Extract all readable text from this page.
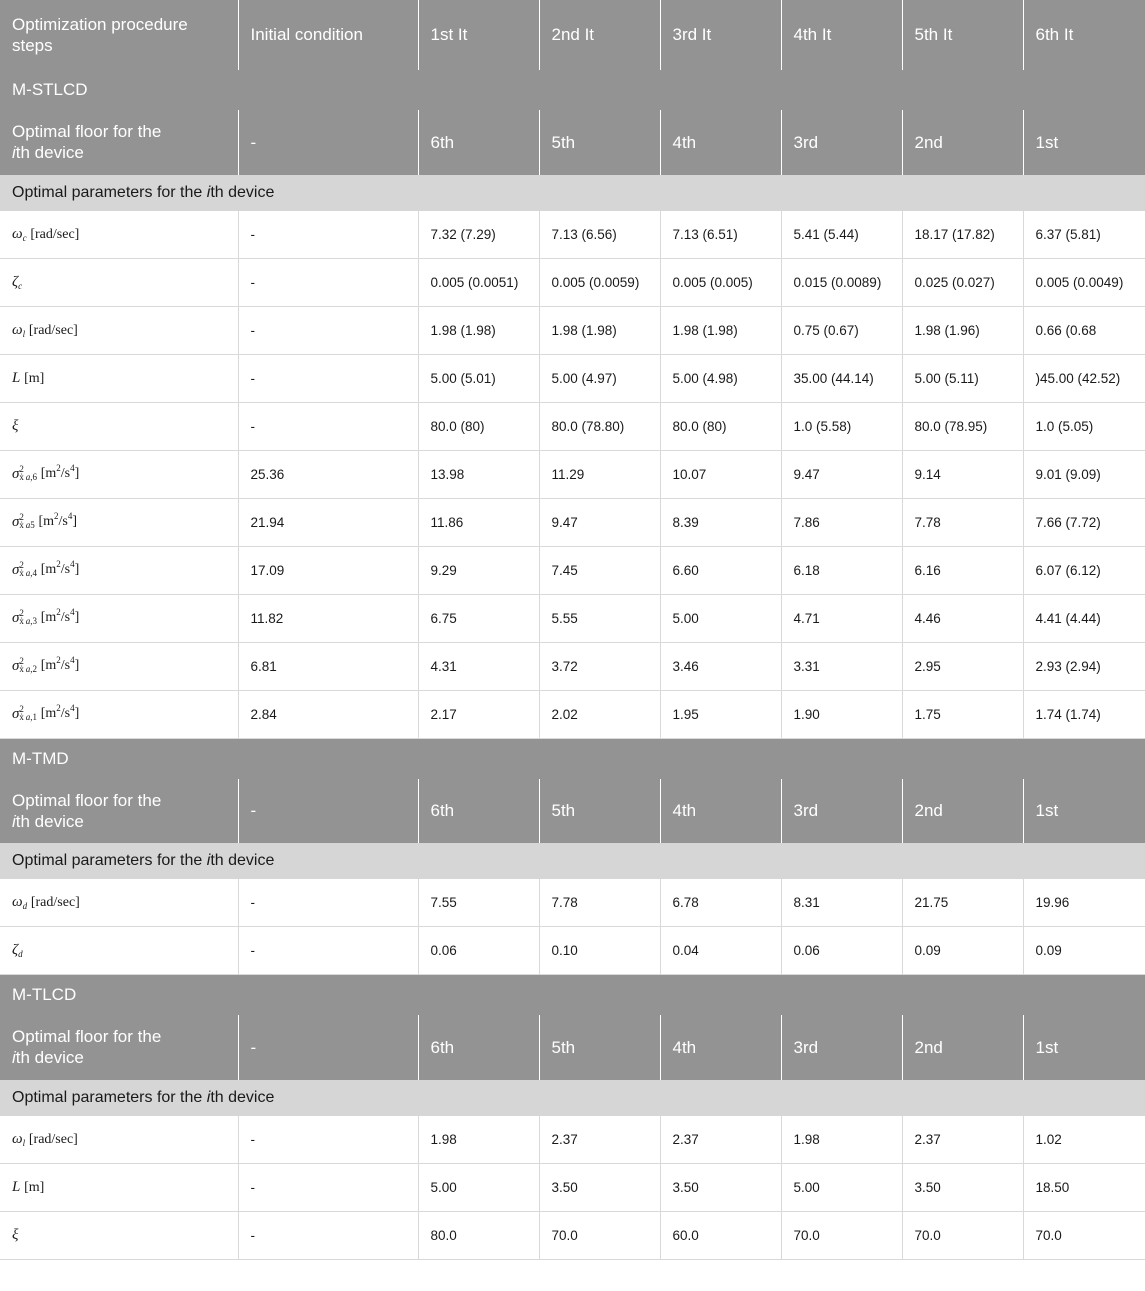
Optimization procedure steps	Initial condition	1st It	2nd It	3rd It	4th It	5th It	6th It
M-STLCD							
Optimal floor for the
ith device	-	6th	5th	4th	3rd	2nd	1st
Optimal parameters for the ith device							
$\omega_c$ [rad/sec]	-	7.32 (7.29)	7.13 (6.56)	7.13 (6.51)	5.41 (5.44)	18.17 (17.82)	6.37 (5.81)
$\zeta_c$	-	0.005 (0.0051)	0.005 (0.0059)	0.005 (0.005)	0.015 (0.0089)	0.025 (0.027)	0.005 (0.0049)
$\omega_l$ [rad/sec]	-	1.98 (1.98)	1.98 (1.98)	1.98 (1.98)	0.75 (0.67)	1.98 (1.96)	0.66 (0.68
L [m]	-	5.00 (5.01)	5.00 (4.97)	5.00 (4.98)	35.00 (44.14)	5.00 (5.11)	)45.00 (42.52)
ξ	-	80.0 (80)	80.0 (78.80)	80.0 (80)	1.0 (5.58)	80.0 (78.95)	1.0 (5.05)
σ 2
ẋ a,6 $[m^2/s^4]$	25.36	13.98	11.29	10.07	9.47	9.14	9.01 (9.09)
σ 2
ẋ a5 $[m^2/s^4]$	21.94	11.86	9.47	8.39	7.86	7.78	7.66 (7.72)
σ 2
ẋ a,4 $[m^2/s^4]$	17.09	9.29	7.45	6.60	6.18	6.16	6.07 (6.12)
σ 2
ẋ a,3 $[m^2/s^4]$	11.82	6.75	5.55	5.00	4.71	4.46	4.41 (4.44)
σ 2
ẋ a,2 $[m^2/s^4]$	6.81	4.31	3.72	3.46	3.31	2.95	2.93 (2.94)
σ 2
ẋ a,1 $[m^2/s^4]$	2.84	2.17	2.02	1.95	1.90	1.75	1.74 (1.74)
M-TMD							
Optimal floor for the
ith device	-	6th	5th	4th	3rd	2nd	1st
Optimal parameters for the ith device							
$\omega_d$ [rad/sec]	-	7.55	7.78	6.78	8.31	21.75	19.96
$\zeta_d$	-	0.06	0.10	0.04	0.06	0.09	0.09
M-TLCD							
Optimal floor for the
ith device	-	6th	5th	4th	3rd	2nd	1st
Optimal parameters for the ith device							
$\omega_l$ [rad/sec]	-	1.98	2.37	2.37	1.98	2.37	1.02
L [m]	-	5.00	3.50	3.50	5.00	3.50	18.50
ξ	-	80.0	70.0	60.0	70.0	70.0	70.0
